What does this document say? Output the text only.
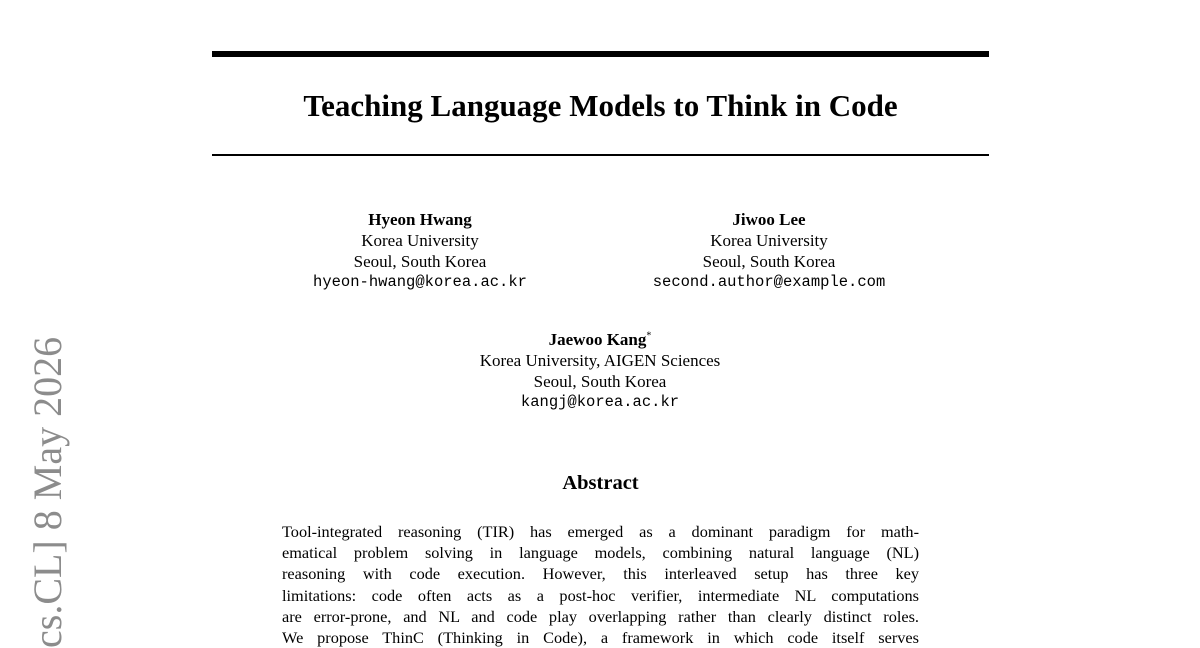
cs.CL] 8 May 2026
Teaching Language Models to Think in Code
Hyeon Hwang
Korea University
Seoul, South Korea
hyeon-hwang@korea.ac.kr
Jiwoo Lee
Korea University
Seoul, South Korea
second.author@example.com
Jaewoo Kang*
Korea University, AIGEN Sciences
Seoul, South Korea
kangj@korea.ac.kr
Abstract
Tool-integrated reasoning (TIR) has emerged as a dominant paradigm for math-
ematical problem solving in language models, combining natural language (NL)
reasoning with code execution. However, this interleaved setup has three key
limitations: code often acts as a post-hoc verifier, intermediate NL computations
are error-prone, and NL and code play overlapping rather than clearly distinct roles.
We propose ThinC (Thinking in Code), a framework in which code itself serves
